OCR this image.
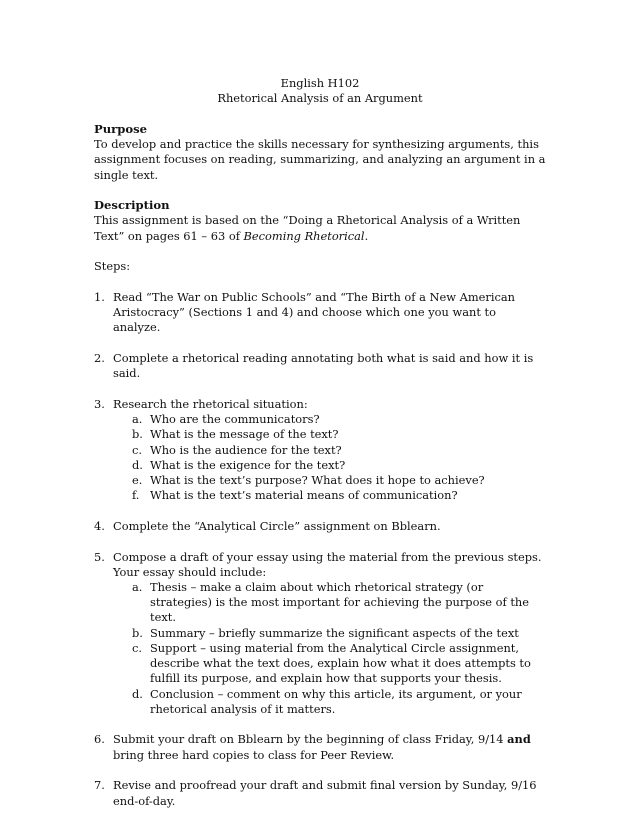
English H102

Rhetorical Analysis of an Argument

Purpose

To develop and practice the skills necessary for synthesizing arguments, this assignment focuses on reading, summarizing, and analyzing an argument in a single text.

Description

This assignment is based on the “Doing a Rhetorical Analysis of a Written Text” on pages 61 – 63 of Becoming Rhetorical.

Steps:

1. Read “The War on Public Schools” and “The Birth of a New American Aristocracy” (Sections 1 and 4) and choose which one you want to analyze.
2. Complete a rhetorical reading annotating both what is said and how it is said.
3. Research the rhetorical situation:
a. Who are the communicators?
b. What is the message of the text?
c. Who is the audience for the text?
d. What is the exigence for the text?
e. What is the text’s purpose? What does it hope to achieve?
f. What is the text’s material means of communication?
4. Complete the “Analytical Circle” assignment on Bblearn.
5. Compose a draft of your essay using the material from the previous steps. Your essay should include:
a. Thesis – make a claim about which rhetorical strategy (or strategies) is the most important for achieving the purpose of the text.
b. Summary – briefly summarize the significant aspects of the text
c. Support – using material from the Analytical Circle assignment, describe what the text does, explain how what it does attempts to fulfill its purpose, and explain how that supports your thesis.
d. Conclusion – comment on why this article, its argument, or your rhetorical analysis of it matters.
6. Submit your draft on Bblearn by the beginning of class Friday, 9/14 and bring three hard copies to class for Peer Review.
7. Revise and proofread your draft and submit final version by Sunday, 9/16 end-of-day.
